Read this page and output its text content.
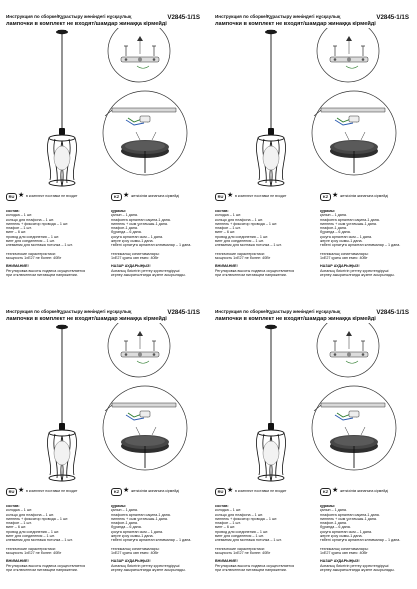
Инструкция по сборке/Құрастыру жөніндегі нұсқаулық	V2845-1/1S
лампочки в комплект не входят/шамдар жинаққа кірмейді
RU ★ в комплект поставки не входит	KZ ★ жеткізілім жинағына кірмейді
состав:
колодка – 1 шт.
кольцо для плафона – 1 шт.
ниппель + фиксатор провода – 1 шт.
плафон – 1 шт.
винт – 6 шт.
провод для соединения – 1 шт.
винт для соединения – 1 шт.
клеммник для монтажа потолка – 1 шт.
технические характеристики:
мощность 1xE27 не более: 40Вт
ВНИМАНИЕ!
Регулировка высоты подвеса осуществляется
при отключенном питающем напряжении.
құрамы:
қалып – 1 дана.
плафонға арналған сақина-1 дана.
ниппель + сым ұстағышы-1 дана.
плафон-1 дана.
бұранда – 6 дана.
қосуға арналған сым – 1 дана.
жерге қосу сымы-1 дана.
төбені орнатуға арналған клеммалар – 1 дана.
техникалық сипаттамалары:
1xE27 қуаты көп емес: 40Вт
НАЗАР АУДАРЫҢЫЗ!
Аспаның биіктігін реттеу қоректендіруші
кернеу ажыратылғанда жүзеге асырылады.
Инструкция по сборке/Құрастыру жөніндегі нұсқаулық	V2845-1/1S
лампочки в комплект не входят/шамдар жинаққа кірмейді
RU ★ в комплект поставки не входит	KZ ★ жеткізілім жинағына кірмейді
состав:
колодка – 1 шт.
кольцо для плафона – 1 шт.
ниппель + фиксатор провода – 1 шт.
плафон – 1 шт.
винт – 6 шт.
провод для соединения – 1 шт.
винт для соединения – 1 шт.
клеммник для монтажа потолка – 1 шт.
технические характеристики:
мощность 1xE27 не более: 40Вт
ВНИМАНИЕ!
Регулировка высоты подвеса осуществляется
при отключенном питающем напряжении.
құрамы:
қалып – 1 дана.
плафонға арналған сақина-1 дана.
ниппель + сым ұстағышы-1 дана.
плафон-1 дана.
бұранда – 6 дана.
қосуға арналған сым – 1 дана.
жерге қосу сымы-1 дана.
төбені орнатуға арналған клеммалар – 1 дана.
техникалық сипаттамалары:
1xE27 қуаты көп емес: 40Вт
НАЗАР АУДАРЫҢЫЗ!
Аспаның биіктігін реттеу қоректендіруші
кернеу ажыратылғанда жүзеге асырылады.
Инструкция по сборке/Құрастыру жөніндегі нұсқаулық	V2845-1/1S
лампочки в комплект не входят/шамдар жинаққа кірмейді
RU ★ в комплект поставки не входит	KZ ★ жеткізілім жинағына кірмейді
состав:
колодка – 1 шт.
кольцо для плафона – 1 шт.
ниппель + фиксатор провода – 1 шт.
плафон – 1 шт.
винт – 6 шт.
провод для соединения – 1 шт.
винт для соединения – 1 шт.
клеммник для монтажа потолка – 1 шт.
технические характеристики:
мощность 1xE27 не более: 40Вт
ВНИМАНИЕ!
Регулировка высоты подвеса осуществляется
при отключенном питающем напряжении.
құрамы:
қалып – 1 дана.
плафонға арналған сақина-1 дана.
ниппель + сым ұстағышы-1 дана.
плафон-1 дана.
бұранда – 6 дана.
қосуға арналған сым – 1 дана.
жерге қосу сымы-1 дана.
төбені орнатуға арналған клеммалар – 1 дана.
техникалық сипаттамалары:
1xE27 қуаты көп емес: 40Вт
НАЗАР АУДАРЫҢЫЗ!
Аспаның биіктігін реттеу қоректендіруші
кернеу ажыратылғанда жүзеге асырылады.
Инструкция по сборке/Құрастыру жөніндегі нұсқаулық	V2845-1/1S
лампочки в комплект не входят/шамдар жинаққа кірмейді
RU ★ в комплект поставки не входит	KZ ★ жеткізілім жинағына кірмейді
состав:
колодка – 1 шт.
кольцо для плафона – 1 шт.
ниппель + фиксатор провода – 1 шт.
плафон – 1 шт.
винт – 6 шт.
провод для соединения – 1 шт.
винт для соединения – 1 шт.
клеммник для монтажа потолка – 1 шт.
технические характеристики:
мощность 1xE27 не более: 40Вт
ВНИМАНИЕ!
Регулировка высоты подвеса осуществляется
при отключенном питающем напряжении.
құрамы:
қалып – 1 дана.
плафонға арналған сақина-1 дана.
ниппель + сым ұстағышы-1 дана.
плафон-1 дана.
бұранда – 6 дана.
қосуға арналған сым – 1 дана.
жерге қосу сымы-1 дана.
төбені орнатуға арналған клеммалар – 1 дана.
техникалық сипаттамалары:
1xE27 қуаты көп емес: 40Вт
НАЗАР АУДАРЫҢЫЗ!
Аспаның биіктігін реттеу қоректендіруші
кернеу ажыратылғанда жүзеге асырылады.
